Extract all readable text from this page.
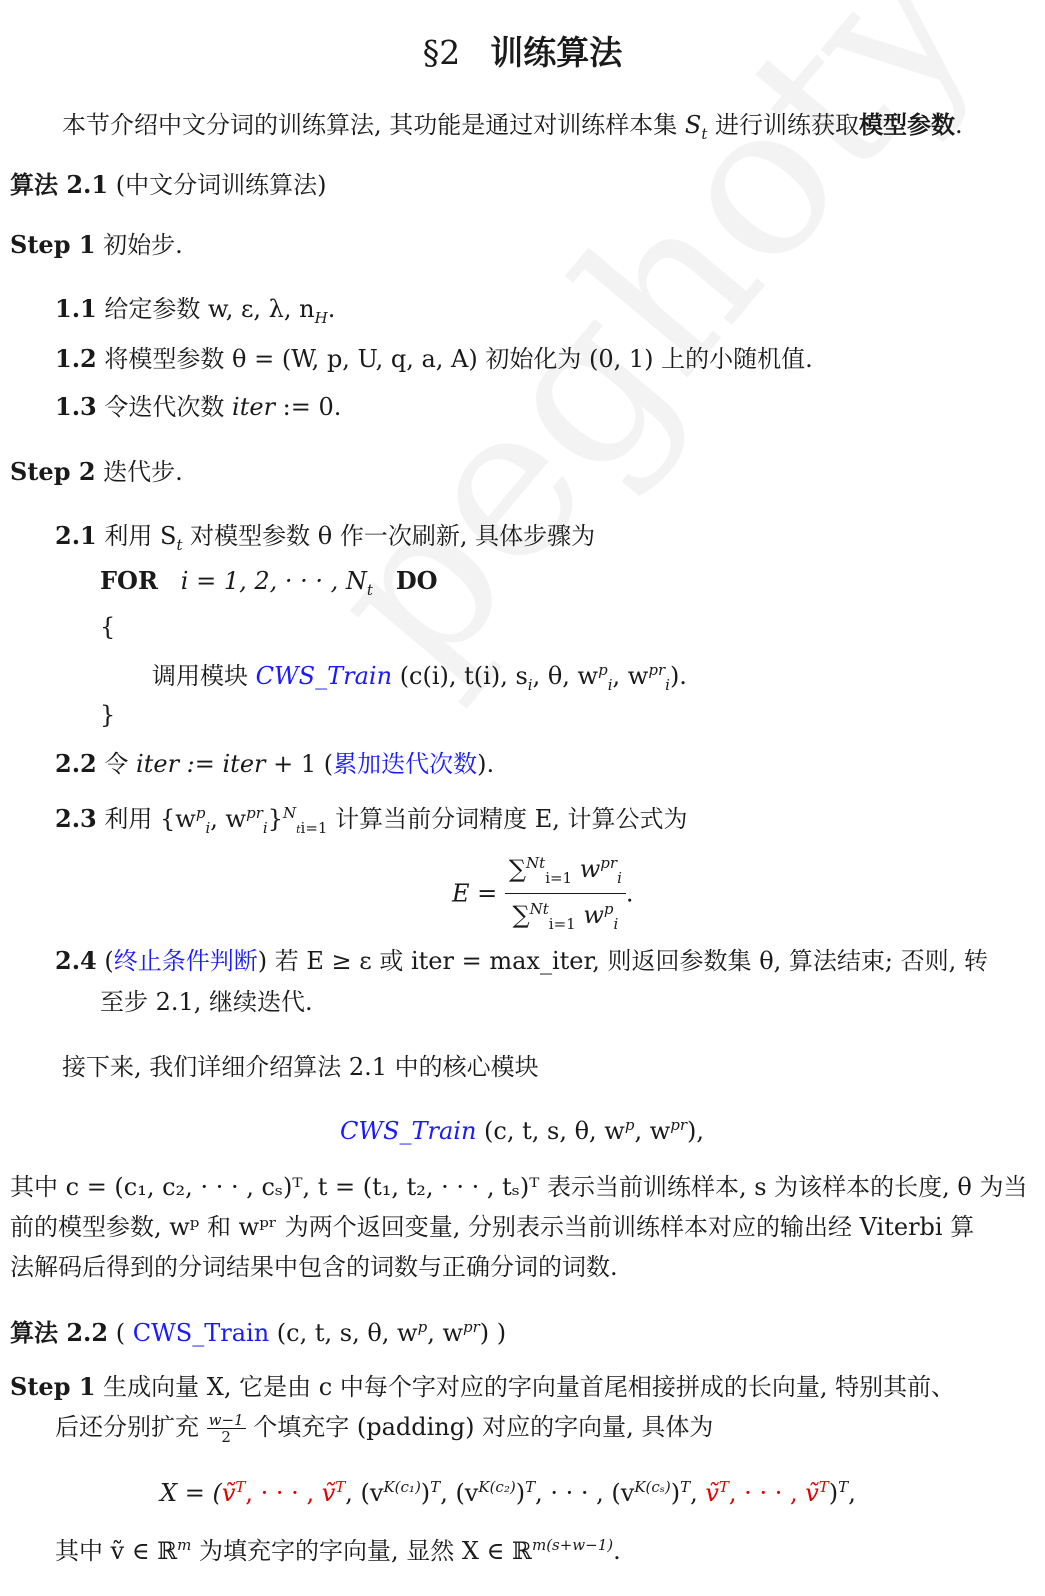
§2 训练算法
本节介绍中文分词的训练算法, 其功能是通过对训练样本集 $S_t$ 进行训练获取模型参数.
算法 2.1 (中文分词训练算法)
Step 1 初始步.
1.1 给定参数 w, ε, λ, $n_H$.
1.2 将模型参数 θ = (W, p, U, q, a, A) 初始化为 (0, 1) 上的小随机值.
1.3 令迭代次数 iter := 0.
Step 2 迭代步.
2.1 利用 $S_t$ 对模型参数 θ 作一次刷新, 具体步骤为
FOR i = 1, 2, · · · , $N_t$ DO
{
调用模块 CWS_Train (c(i), t(i), $s_i$, θ, $w^p_i$, $w^{pr}_i$).
}
2.2 令 iter := iter + 1 (累加迭代次数).
2.3 利用 {$w^p_i$, $w^{pr}_i\}^N_{ti=1}$ 计算当前分词精度 E, 计算公式为
$E = \frac{\sum^{Nt}_{i=1} w^{pr}_i}{\sum^{Nt}_{i=1} w^p_i}$ .
2.4 (终止条件判断) 若 E ≥ ε 或 iter = max_iter, 则返回参数集 θ, 算法结束; 否则, 转
至步 2.1, 继续迭代.
接下来, 我们详细介绍算法 2.1 中的核心模块
CWS_Train (c, t, s, θ, $w^p$, $w^{pr}$),
其中 c = (c₁, c₂, · · · , cₛ)ᵀ, t = (t₁, t₂, · · · , tₛ)ᵀ 表示当前训练样本, s 为该样本的长度, θ 为当
前的模型参数, wᵖ 和 wᵖʳ 为两个返回变量, 分别表示当前训练样本对应的输出经 Viterbi 算
法解码后得到的分词结果中包含的词数与正确分词的词数.
算法 2.2 ( CWS_Train (c, t, s, θ, $w^p$, $w^{pr}$) )
Step 1 生成向量 X, 它是由 c 中每个字对应的字向量首尾相接拼成的长向量, 特别其前、
后还分别扩充 $\frac{w-1}{2}$ 个填充字 (padding) 对应的字向量, 具体为
X = (ṽ$^T$, · · · , ṽ$^T$, $(v^{K(c_1)})^T$, $(v^{K(c_2)})^T$, · · · , $(v^{K(c_s)})^T$, ṽ$^T$, · · · , ṽ$^T$)$^T$,
其中 ṽ ∈ ℝ$^m$ 为填充字的字向量, 显然 X ∈ ℝ$^{m(s+w-1)}$.
